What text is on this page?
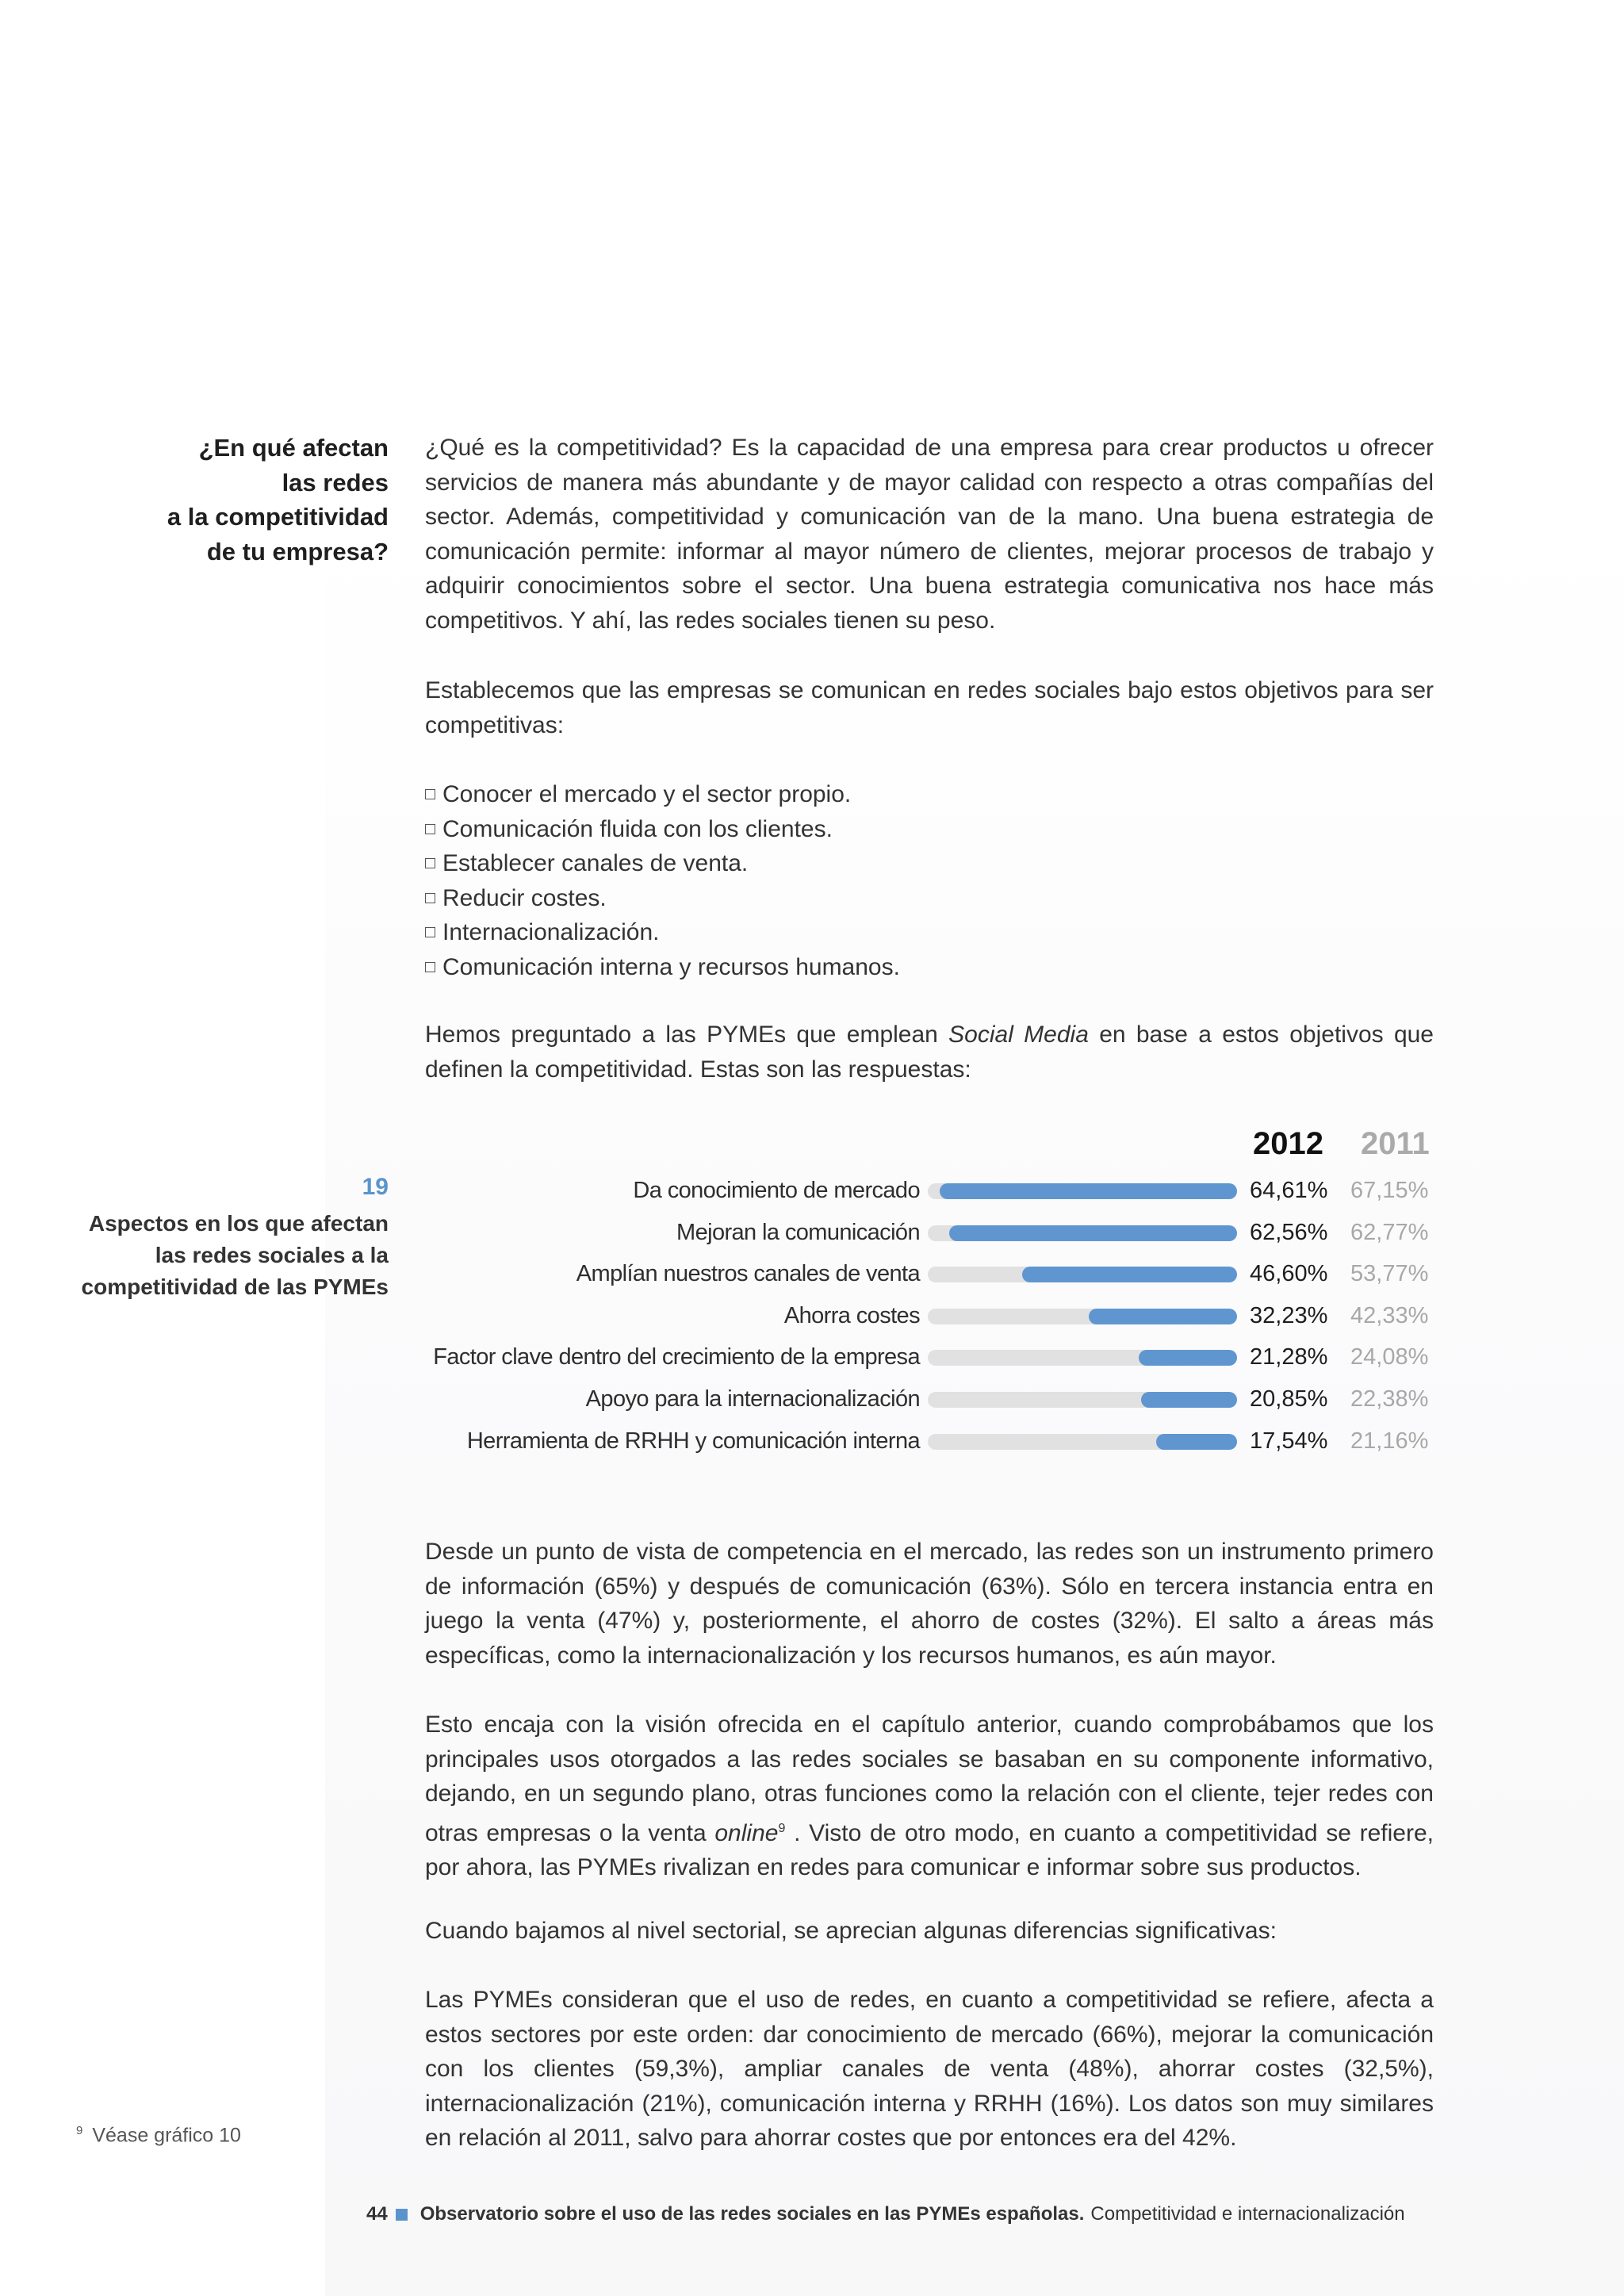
¿En qué afectan
las redes
a la competitividad
de tu empresa?

¿Qué es la competitividad? Es la capacidad de una empresa para crear productos u ofrecer servicios de manera más abundante y de mayor calidad con respecto a otras compañías del sector. Además, competitividad y comunicación van de la mano. Una buena estrategia de comunicación permite: informar al mayor número de clientes, mejorar procesos de trabajo y adquirir conocimientos sobre el sector. Una buena estrategia comunicativa nos hace más competitivos. Y ahí, las redes sociales tienen su peso.

Establecemos que las empresas se comunican en redes sociales bajo estos objetivos para ser competitivas:

Conocer el mercado y el sector propio.
Comunicación fluida con los clientes.
Establecer canales de venta.
Reducir costes.
Internacionalización.
Comunicación interna y recursos humanos.

Hemos preguntado a las PYMEs que emplean Social Media en base a estos objetivos que definen la competitividad. Estas son las respuestas:

19
Aspectos en los que afectan
las redes sociales a la
competitividad de las PYMEs
2012 2011
Da conocimiento de mercado	64,61% 67,15%
Mejoran la comunicación	62,56% 62,77%
Amplían nuestros canales de venta	46,60% 53,77%
Ahorra costes	32,23% 42,33%
Factor clave dentro del crecimiento de la empresa	21,28% 24,08%
Apoyo para la internacionalización	20,85% 22,38%
Herramienta de RRHH y comunicación interna	17,54% 21,16%

Desde un punto de vista de competencia en el mercado, las redes son un instrumento primero de información (65%) y después de comunicación (63%). Sólo en tercera instancia entra en juego la venta (47%) y, posteriormente, el ahorro de costes (32%). El salto a áreas más específicas, como la internacionalización y los recursos humanos, es aún mayor.

Esto encaja con la visión ofrecida en el capítulo anterior, cuando comprobábamos que los principales usos otorgados a las redes sociales se basaban en su componente informativo, dejando, en un segundo plano, otras funciones como la relación con el cliente, tejer redes con otras empresas o la venta online$^9$ . Visto de otro modo, en cuanto a competitividad se refiere, por ahora, las PYMEs rivalizan en redes para comunicar e informar sobre sus productos.

Cuando bajamos al nivel sectorial, se aprecian algunas diferencias significativas:

Las PYMEs consideran que el uso de redes, en cuanto a competitividad se refiere, afecta a estos sectores por este orden: dar conocimiento de mercado (66%), mejorar la comunicación con los clientes (59,3%), ampliar canales de venta (48%), ahorrar costes (32,5%), internacionalización (21%), comunicación interna y RRHH (16%). Los datos son muy similares en relación al 2011, salvo para ahorrar costes que por entonces era del 42%.

$^9$ Véase gráfico 10
44 Observatorio sobre el uso de las redes sociales en las PYMEs españolas. Competitividad e internacionalización
